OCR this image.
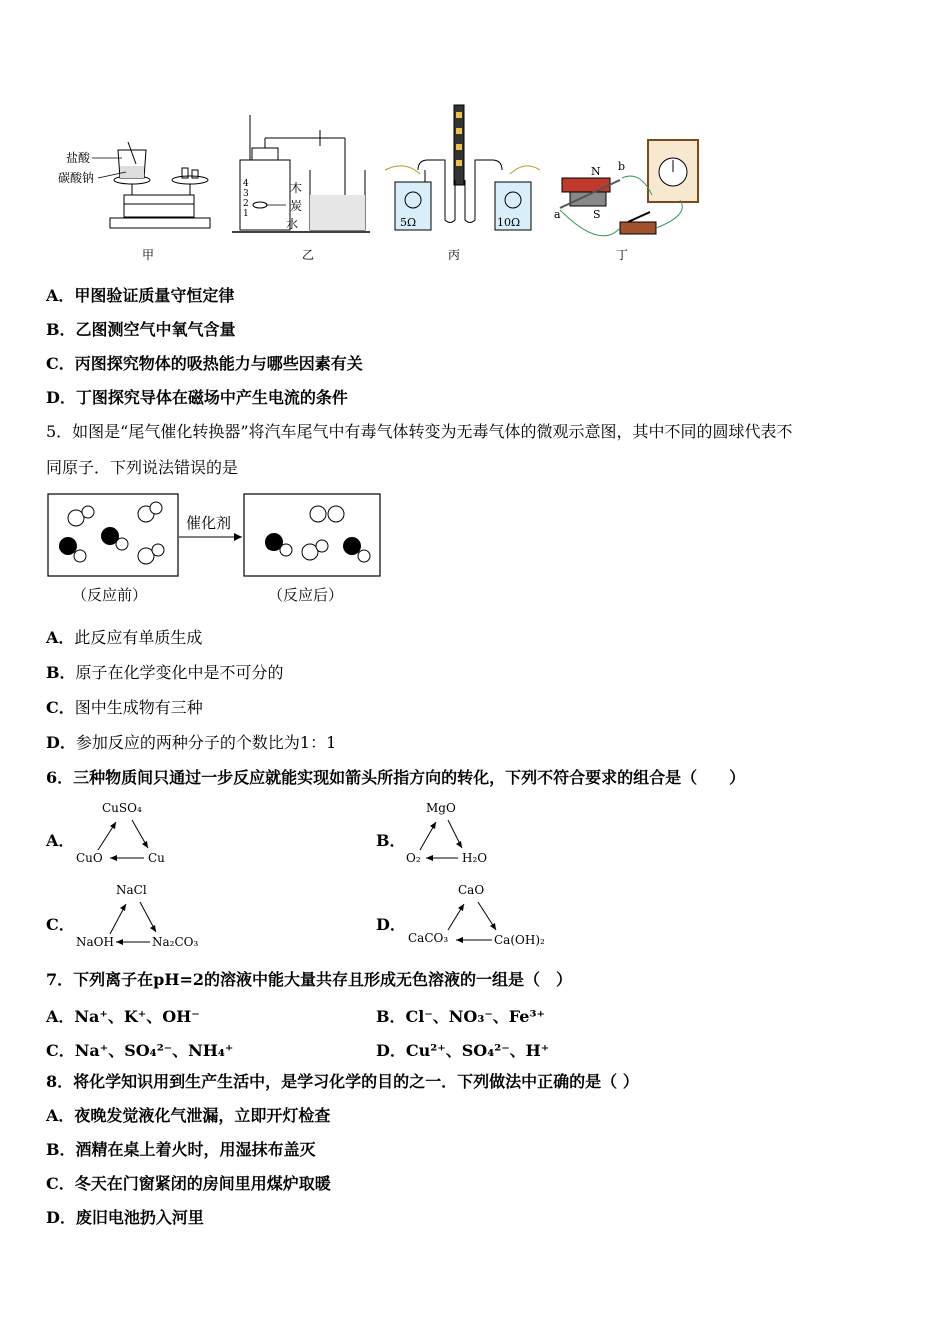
盐酸
碳酸钠	4
3
2
1
木
炭
水	5Ω	10Ω
N
S
a
b
甲	乙	丙	丁
A．甲图验证质量守恒定律
B．乙图测空气中氧气含量
C．丙图探究物体的吸热能力与哪些因素有关
D．丁图探究导体在磁场中产生电流的条件
5．如图是“尾气催化转换器”将汽车尾气中有毒气体转变为无毒气体的微观示意图，其中不同的圆球代表不
同原子．下列说法错误的是
催化剂
（反应前）	（反应后）
A．此反应有单质生成
B．原子在化学变化中是不可分的
C．图中生成物有三种
D．参加反应的两种分子的个数比为1：1
6．三种物质间只通过一步反应就能实现如箭头所指方向的转化，下列不符合要求的组合是（　　）
A．
CuSO₄
CuO	Cu
B．
MgO
O₂	H₂O
C．
NaCl
NaOH	Na₂CO₃
D．
CaO
CaCO₃	Ca(OH)₂
7．下列离子在pH=2的溶液中能大量共存且形成无色溶液的一组是（　）
A．Na⁺、K⁺、OH⁻	B．Cl⁻、NO₃⁻、Fe³⁺
C．Na⁺、SO₄²⁻、NH₄⁺	D．Cu²⁺、SO₄²⁻、H⁺
8．将化学知识用到生产生活中，是学习化学的目的之一．下列做法中正确的是（ ）
A．夜晚发觉液化气泄漏，立即开灯检查
B．酒精在桌上着火时，用湿抹布盖灭
C．冬天在门窗紧闭的房间里用煤炉取暖
D．废旧电池扔入河里
